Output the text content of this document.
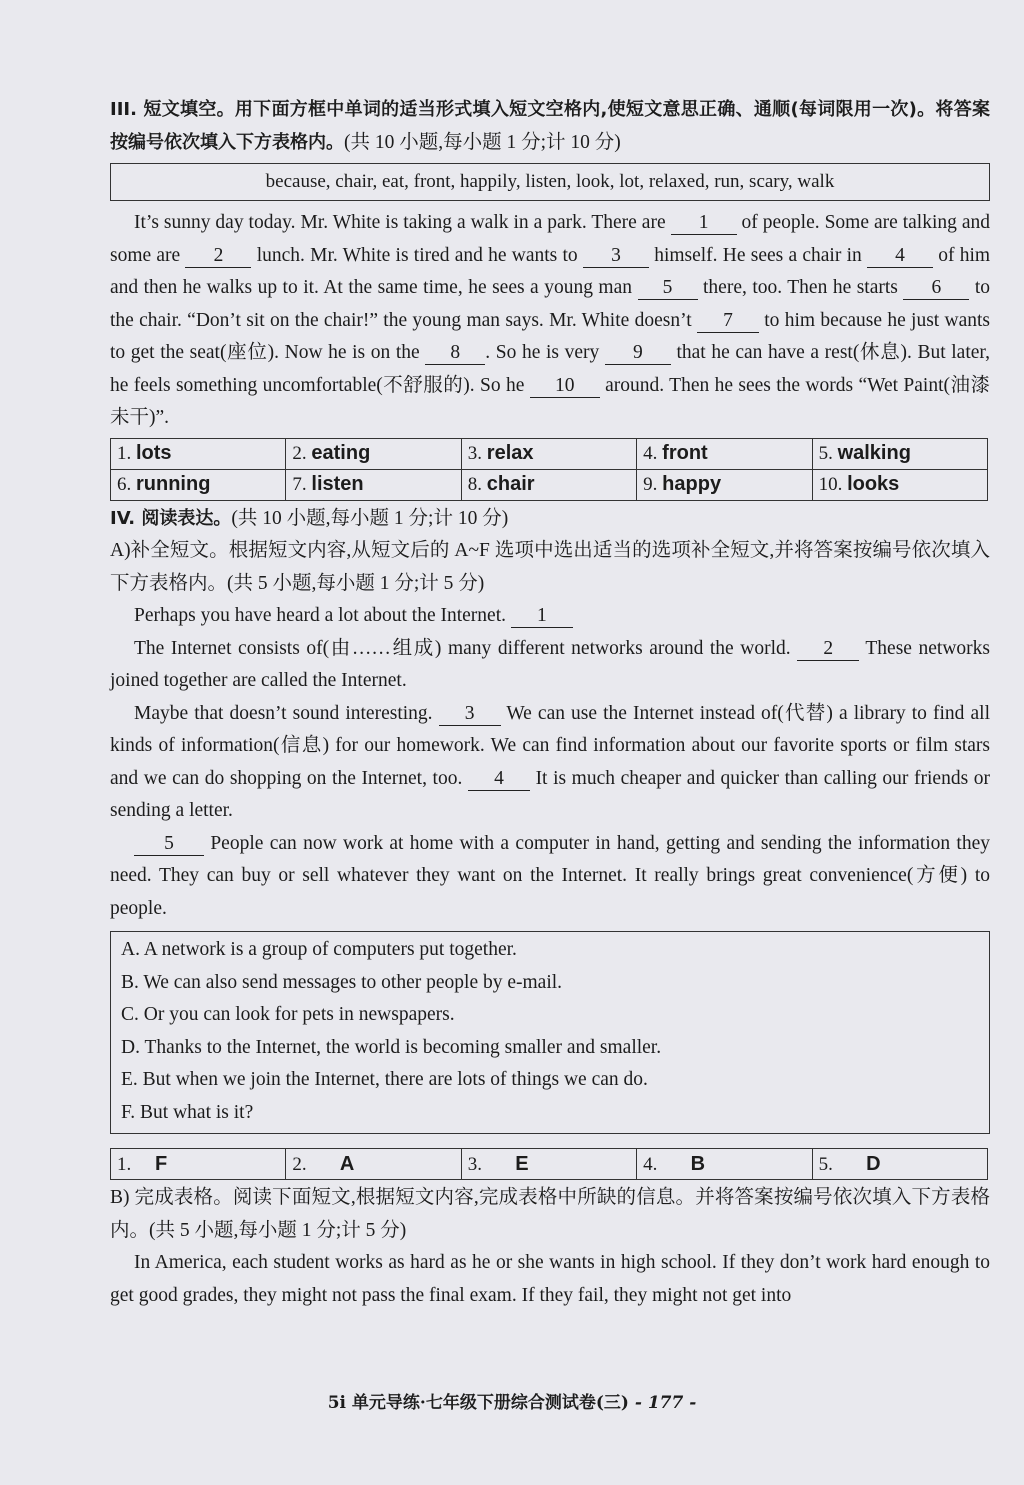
III. 短文填空。用下面方框中单词的适当形式填入短文空格内,使短文意思正确、通顺(每词限用一次)。将答案按编号依次填入下方表格内。(共 10 小题,每小题 1 分;计 10 分)

because, chair, eat, front, happily, listen, look, lot, relaxed, run, scary, walk

It’s sunny day today. Mr. White is taking a walk in a park. There are 1 of people. Some are talking and some are 2 lunch. Mr. White is tired and he wants to 3 himself. He sees a chair in 4 of him and then he walks up to it. At the same time, he sees a young man 5 there, too. Then he starts 6 to the chair. “Don’t sit on the chair!” the young man says. Mr. White doesn’t 7 to him because he just wants to get the seat(座位). Now he is on the 8 . So he is very 9 that he can have a rest(休息). But later, he feels something uncomfortable(不舒服的). So he 10 around. Then he sees the words “Wet Paint(油漆未干)”.

1. lots	2. eating	3. relax	4. front	5. walking
6. running	7. listen	8. chair	9. happy	10. looks

IV. 阅读表达。(共 10 小题,每小题 1 分;计 10 分)

A)补全短文。根据短文内容,从短文后的 A~F 选项中选出适当的选项补全短文,并将答案按编号依次填入下方表格内。(共 5 小题,每小题 1 分;计 5 分)

Perhaps you have heard a lot about the Internet. 1

The Internet consists of(由……组成) many different networks around the world. 2 These networks joined together are called the Internet.

Maybe that doesn’t sound interesting. 3 We can use the Internet instead of(代替) a library to find all kinds of information(信息) for our homework. We can find information about our favorite sports or film stars and we can do shopping on the Internet, too. 4 It is much cheaper and quicker than calling our friends or sending a letter.

5 People can now work at home with a computer in hand, getting and sending the information they need. They can buy or sell whatever they want on the Internet. It really brings great convenience(方便) to people.

A. A network is a group of computers put together.

B. We can also send messages to other people by e-mail.

C. Or you can look for pets in newspapers.

D. Thanks to the Internet, the world is becoming smaller and smaller.

E. But when we join the Internet, there are lots of things we can do.

F. But what is it?

1. F	2. A	3. E	4. B	5. D

B) 完成表格。阅读下面短文,根据短文内容,完成表格中所缺的信息。并将答案按编号依次填入下方表格内。(共 5 小题,每小题 1 分;计 5 分)

In America, each student works as hard as he or she wants in high school. If they don’t work hard enough to get good grades, they might not pass the final exam. If they fail, they might not get into

5i 单元导练·七年级下册综合测试卷(三) - 177 -
